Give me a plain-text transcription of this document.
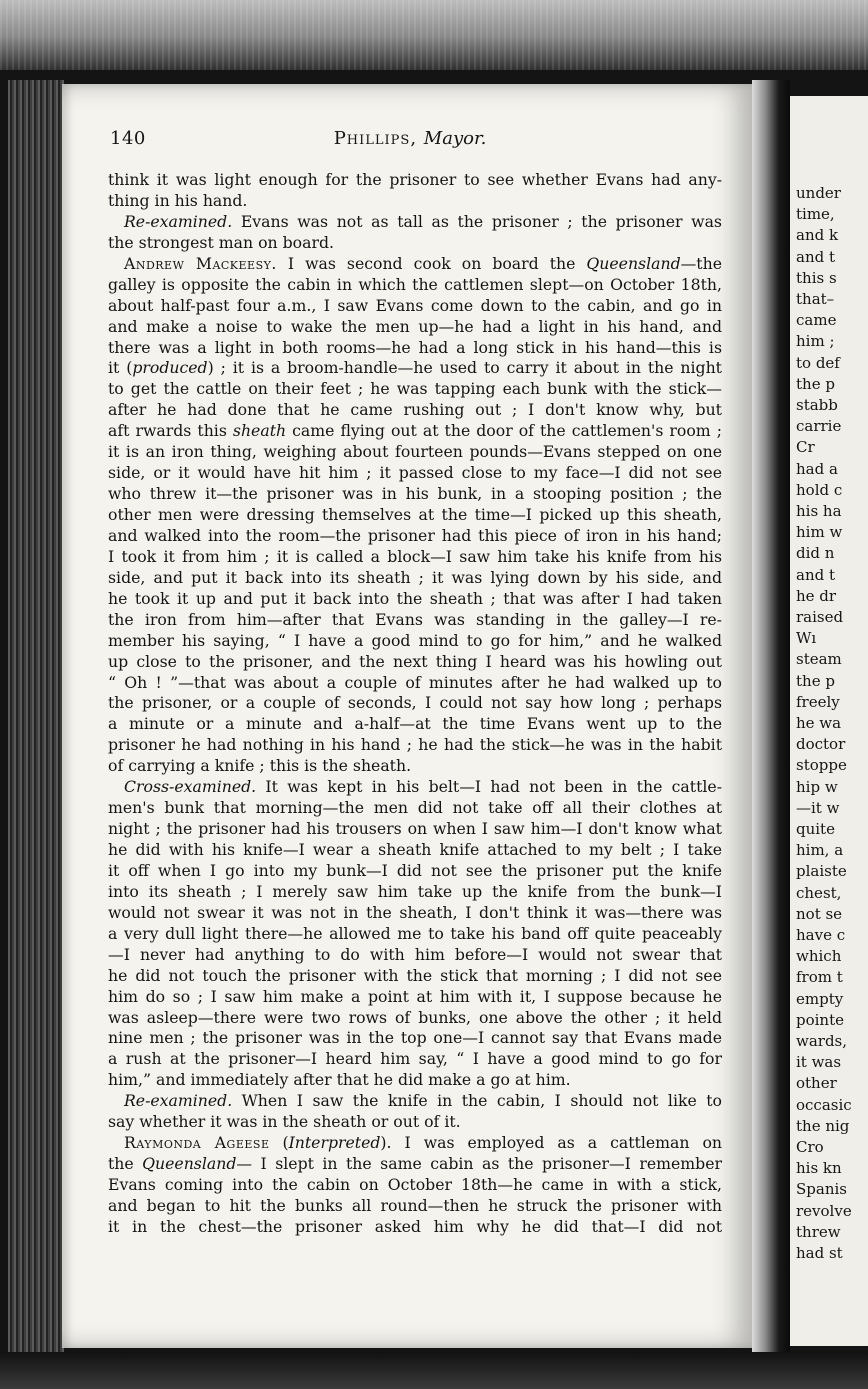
140	Phillips, Mayor.
think it was light enough for the prisoner to see whether Evans had any-
thing in his hand.
Re-examined. Evans was not as tall as the prisoner ; the prisoner was
the strongest man on board.
Andrew Mackeesy. I was second cook on board the Queensland—the
galley is opposite the cabin in which the cattlemen slept—on October 18th,
about half-past four a.m., I saw Evans come down to the cabin, and go in
and make a noise to wake the men up—he had a light in his hand, and
there was a light in both rooms—he had a long stick in his hand—this is
it (produced) ; it is a broom-handle—he used to carry it about in the night
to get the cattle on their feet ; he was tapping each bunk with the stick—
after he had done that he came rushing out ; I don't know why, but
aft rwards this sheath came flying out at the door of the cattlemen's room ;
it is an iron thing, weighing about fourteen pounds—Evans stepped on one
side, or it would have hit him ; it passed close to my face—I did not see
who threw it—the prisoner was in his bunk, in a stooping position ; the
other men were dressing themselves at the time—I picked up this sheath,
and walked into the room—the prisoner had this piece of iron in his hand;
I took it from him ; it is called a block—I saw him take his knife from his
side, and put it back into its sheath ; it was lying down by his side, and
he took it up and put it back into the sheath ; that was after I had taken
the iron from him—after that Evans was standing in the galley—I re-
member his saying, “ I have a good mind to go for him,” and he walked
up close to the prisoner, and the next thing I heard was his howling out
“ Oh ! ”—that was about a couple of minutes after he had walked up to
the prisoner, or a couple of seconds, I could not say how long ; perhaps
a minute or a minute and a-half—at the time Evans went up to the
prisoner he had nothing in his hand ; he had the stick—he was in the habit
of carrying a knife ; this is the sheath.
Cross-examined. It was kept in his belt—I had not been in the cattle-
men's bunk that morning—the men did not take off all their clothes at
night ; the prisoner had his trousers on when I saw him—I don't know what
he did with his knife—I wear a sheath knife attached to my belt ; I take
it off when I go into my bunk—I did not see the prisoner put the knife
into its sheath ; I merely saw him take up the knife from the bunk—I
would not swear it was not in the sheath, I don't think it was—there was
a very dull light there—he allowed me to take his band off quite peaceably
—I never had anything to do with him before—I would not swear that
he did not touch the prisoner with the stick that morning ; I did not see
him do so ; I saw him make a point at him with it, I suppose because he
was asleep—there were two rows of bunks, one above the other ; it held
nine men ; the prisoner was in the top one—I cannot say that Evans made
a rush at the prisoner—I heard him say, “ I have a good mind to go for
him,” and immediately after that he did make a go at him.
Re-examined. When I saw the knife in the cabin, I should not like to
say whether it was in the sheath or out of it.
Raymonda Ageese (Interpreted). I was employed as a cattleman on
the Queensland— I slept in the same cabin as the prisoner—I remember
Evans coming into the cabin on October 18th—he came in with a stick,
and began to hit the bunks all round—then he struck the prisoner with
it in the chest—the prisoner asked him why he did that—I did not
under
time,
and k
and t
this s
that–
came
him ;
to def
the p
stabb
carrie
Cr
had a
hold c
his ha
him w
did n
and t
he dr
raised
Wı
steam
the p
freely
he wa
doctor
stoppe
hip w
—it w
quite
him, a
plaiste
chest,
not se
have c
which
from t
empty
pointe
wards,
it was
other
occasic
the nig
Cro
his kn
Spanis
revolve
threw
had st
